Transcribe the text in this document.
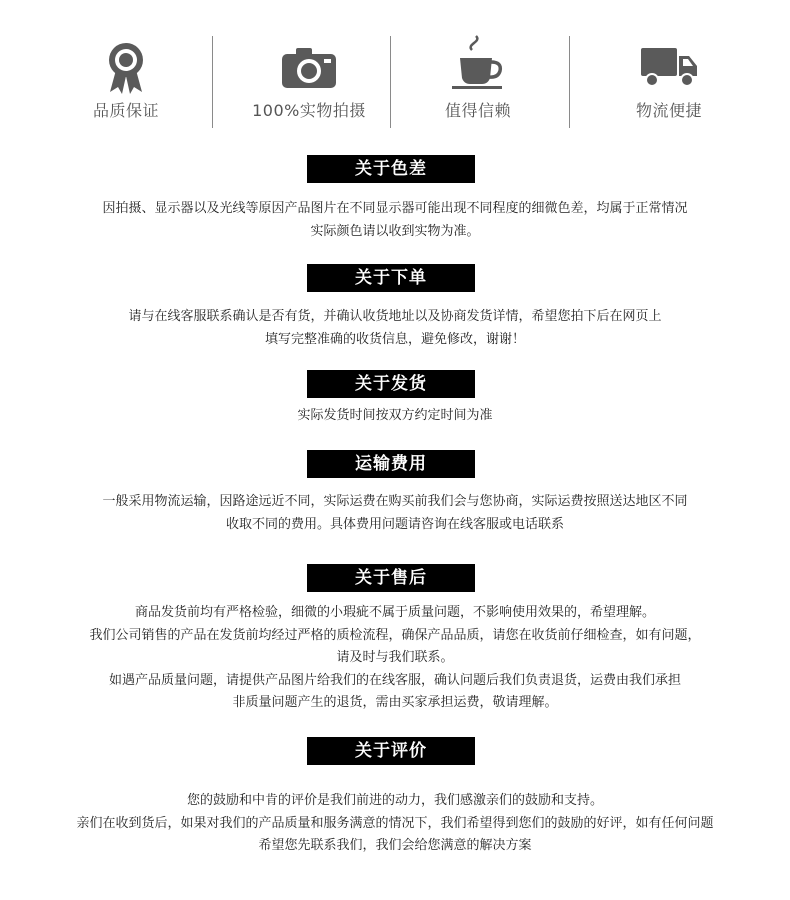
品质保证	100%实物拍摄	值得信赖	物流便捷
关于色差
因拍摄、显示器以及光线等原因产品图片在不同显示器可能出现不同程度的细微色差，均属于正常情况
实际颜色请以收到实物为准。
关于下单
请与在线客服联系确认是否有货，并确认收货地址以及协商发货详情，希望您拍下后在网页上
填写完整准确的收货信息，避免修改，谢谢！
关于发货
实际发货时间按双方约定时间为准
运输费用
一般采用物流运输，因路途远近不同，实际运费在购买前我们会与您协商，实际运费按照送达地区不同
收取不同的费用。具体费用问题请咨询在线客服或电话联系
关于售后
商品发货前均有严格检验，细微的小瑕疵不属于质量问题，不影响使用效果的，希望理解。
我们公司销售的产品在发货前均经过严格的质检流程，确保产品品质，请您在收货前仔细检查，如有问题，
请及时与我们联系。
如遇产品质量问题，请提供产品图片给我们的在线客服，确认问题后我们负责退货，运费由我们承担
非质量问题产生的退货，需由买家承担运费，敬请理解。
关于评价
您的鼓励和中肯的评价是我们前进的动力，我们感激亲们的鼓励和支持。
亲们在收到货后，如果对我们的产品质量和服务满意的情况下，我们希望得到您们的鼓励的好评，如有任何问题
希望您先联系我们，我们会给您满意的解决方案
